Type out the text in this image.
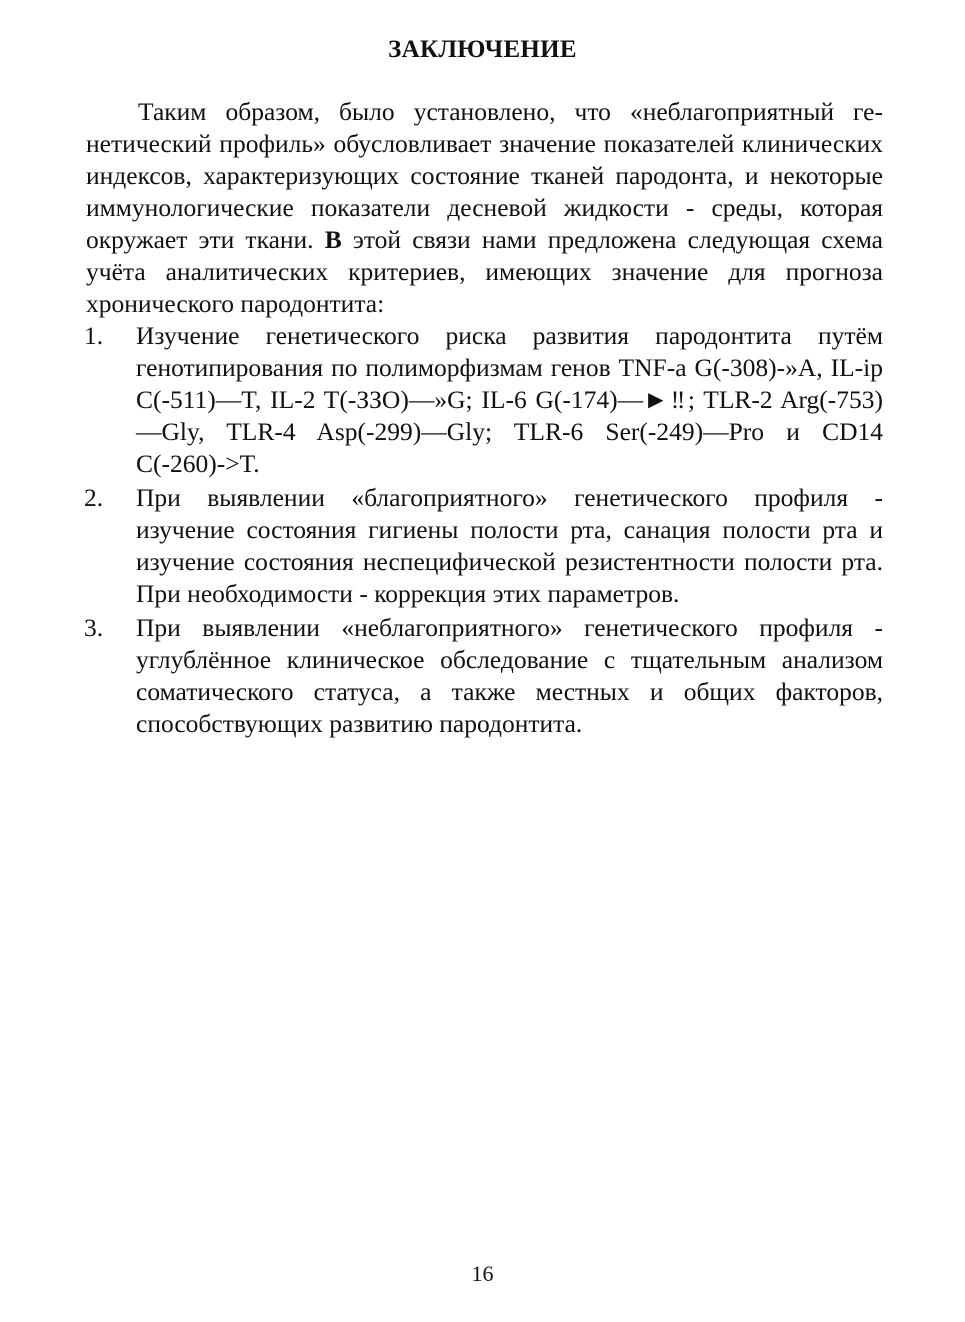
ЗАКЛЮЧЕНИЕ

Таким образом, было установлено, что «неблагоприятный генетический профиль» обусловливает значение показателей клинических индексов, характеризующих состояние тканей пародонта, и некоторые иммунологические показатели десневой жидкости - среды, которая окружает эти ткани. В этой связи нами предложена следующая схема учёта аналитических критериев, имеющих значение для прогноза хронического пародонтита:

1.	Изучение генетического риска развития пародонтита путём генотипирования по полиморфизмам генов TNF-a G(-308)-»A, IL-ip C(-511)—T, IL-2 T(-ЗЗО)—»G; IL-6 G(-174)—►‼; TLR-2 Arg(-753)—Gly, TLR-4 Asp(-299)—Gly; TLR-6 Ser(-249)—Pro и CD14 C(-260)->T.
2.	При выявлении «благоприятного» генетического профиля - изучение состояния гигиены полости рта, санация полости рта и изучение состояния неспецифической резистентности полости рта. При необходимости - коррекция этих параметров.
3.	При выявлении «неблагоприятного» генетического профиля - углублённое клиническое обследование с тщательным анализом соматического статуса, а также местных и общих факторов, способствующих развитию пародонтита.
16
